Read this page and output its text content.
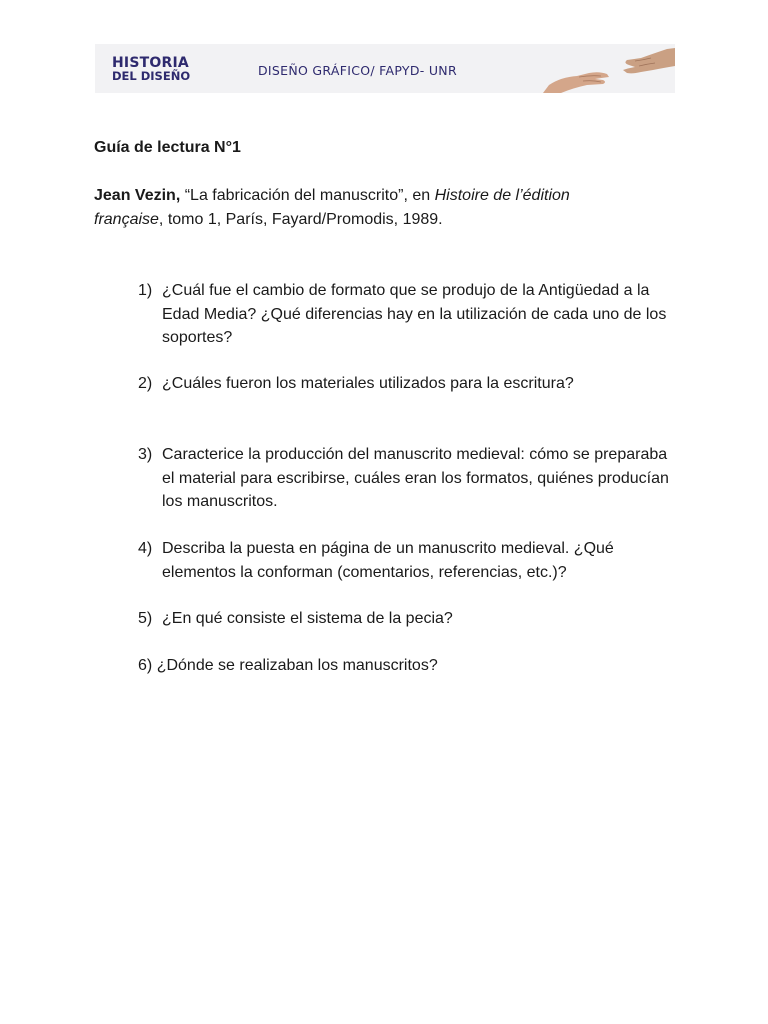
HISTORIA
DEL DISEÑO	DISEÑO GRÁFICO/ FAPYD- UNR
Guía de lectura N°1
Jean Vezin, “La fabricación del manuscrito”, en Histoire de l’édition
française, tomo 1, París, Fayard/Promodis, 1989.
1) ¿Cuál fue el cambio de formato que se produjo de la Antigüedad a la Edad Media? ¿Qué diferencias hay en la utilización de cada uno de los soportes?
2) ¿Cuáles fueron los materiales utilizados para la escritura?
3) Caracterice la producción del manuscrito medieval: cómo se preparaba el material para escribirse, cuáles eran los formatos, quiénes producían los manuscritos.
4) Describa la puesta en página de un manuscrito medieval. ¿Qué elementos la conforman (comentarios, referencias, etc.)?
5) ¿En qué consiste el sistema de la pecia?
6) ¿Dónde se realizaban los manuscritos?
